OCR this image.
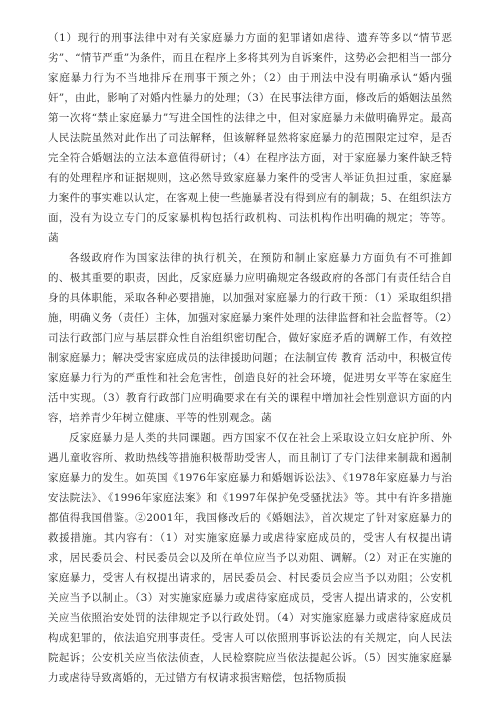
（1）现行的刑事法律中对有关家庭暴力方面的犯罪诸如虐待、遗弃等多以“情节恶劣”、“情节严重”为条件，而且在程序上多将其列为自诉案件，这势必会把相当一部分家庭暴力行为不当地排斥在刑事干预之外；（2）由于刑法中没有明确承认“婚内强奸”，由此，影响了对婚内性暴力的处理；（3）在民事法律方面，修改后的婚姻法虽然第一次将“禁止家庭暴力”写进全国性的法律之中，但对家庭暴力未做明确界定。最高人民法院虽然对此作出了司法解释，但该解释显然将家庭暴力的范围限定过窄，是否完全符合婚姻法的立法本意值得研讨；（4）在程序法方面，对于家庭暴力案件缺乏特有的处理程序和证据规则，这必然导致家庭暴力案件的受害人举证负担过重，家庭暴力案件的事实难以认定，在客观上使一些施暴者没有得到应有的制裁；5、在组织法方面，没有为设立专门的反家暴机构包括行政机构、司法机构作出明确的规定；等等。菡

各级政府作为国家法律的执行机关，在预防和制止家庭暴力方面负有不可推卸的、极其重要的职责，因此，反家庭暴力应明确规定各级政府的各部门有责任结合自身的具体职能，采取各种必要措施，以加强对家庭暴力的行政干预：（1）采取组织措施，明确义务（责任）主体，加强对家庭暴力案件处理的法律监督和社会监督等。（2）司法行政部门应与基层群众性自治组织密切配合，做好家庭矛盾的调解工作，有效控制家庭暴力；解决受害家庭成员的法律援助问题；在法制宣传 教育 活动中，积极宣传家庭暴力行为的严重性和社会危害性，创造良好的社会环境，促进男女平等在家庭生活中实现。（3）教育行政部门应明确要求在有关的课程中增加社会性别意识方面的内容，培养青少年树立健康、平等的性别观念。菡

反家庭暴力是人类的共同课题。西方国家不仅在社会上采取设立妇女庇护所、外遇儿童收容所、救助热线等措施积极帮助受害人，而且制订了专门法律来制裁和遏制家庭暴力的发生。如英国《1976年家庭暴力和婚姻诉讼法》、《1978年家庭暴力与治安法院法》、《1996年家庭法案》和《1997年保护免受骚扰法》等。其中有许多措施都值得我国借鉴。②2001年，我国修改后的《婚姻法》，首次规定了针对家庭暴力的救援措施。其内容有：（1）对实施家庭暴力或虐待家庭成员的，受害人有权提出请求，居民委员会、村民委员会以及所在单位应当予以劝阻、调解。（2）对正在实施的家庭暴力，受害人有权提出请求的，居民委员会、村民委员会应当予以劝阻；公安机关应当予以制止。（3）对实施家庭暴力或虐待家庭成员，受害人提出请求的，公安机关应当依照治安处罚的法律规定予以行政处罚。（4）对实施家庭暴力或虐待家庭成员构成犯罪的，依法追究刑事责任。受害人可以依照刑事诉讼法的有关规定，向人民法院起诉；公安机关应当依法侦查，人民检察院应当依法提起公诉。（5）因实施家庭暴力或虐待导致离婚的，无过错方有权请求损害赔偿，包括物质损
